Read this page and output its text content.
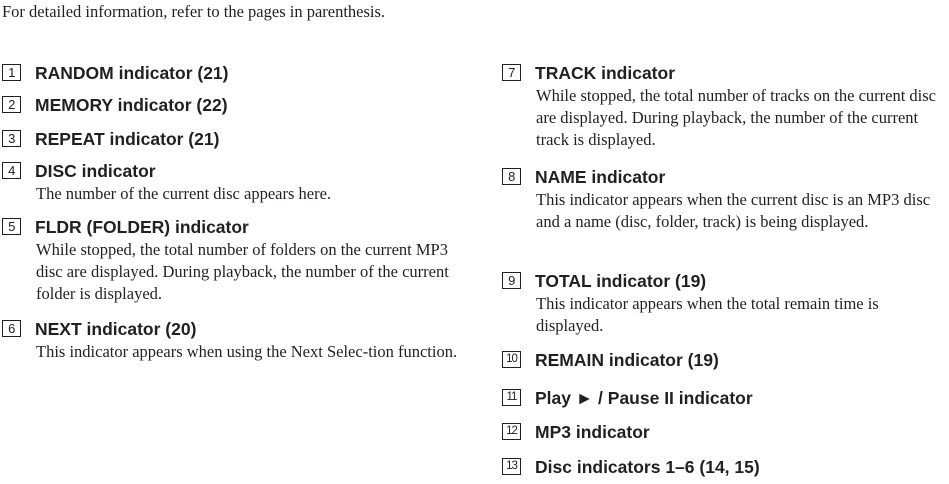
For detailed information, refer to the pages in parenthesis.
1	RANDOM indicator (21)
2	MEMORY indicator (22)
3	REPEAT indicator (21)
4	DISC indicator
The number of the current disc appears here.
5	FLDR (FOLDER) indicator
While stopped, the total number of folders on the current MP3 disc are displayed. During playback, the number of the current folder is displayed.
6	NEXT indicator (20)
This indicator appears when using the Next Selec-tion function.
7	TRACK indicator
While stopped, the total number of tracks on the current disc are displayed. During playback, the number of the current track is displayed.
8	NAME indicator
This indicator appears when the current disc is an MP3 disc and a name (disc, folder, track) is being displayed.
9	TOTAL indicator (19)
This indicator appears when the total remain time is displayed.
10 REMAIN indicator (19)
11 Play ► / Pause II indicator
12 MP3 indicator
13 Disc indicators 1–6 (14, 15)
